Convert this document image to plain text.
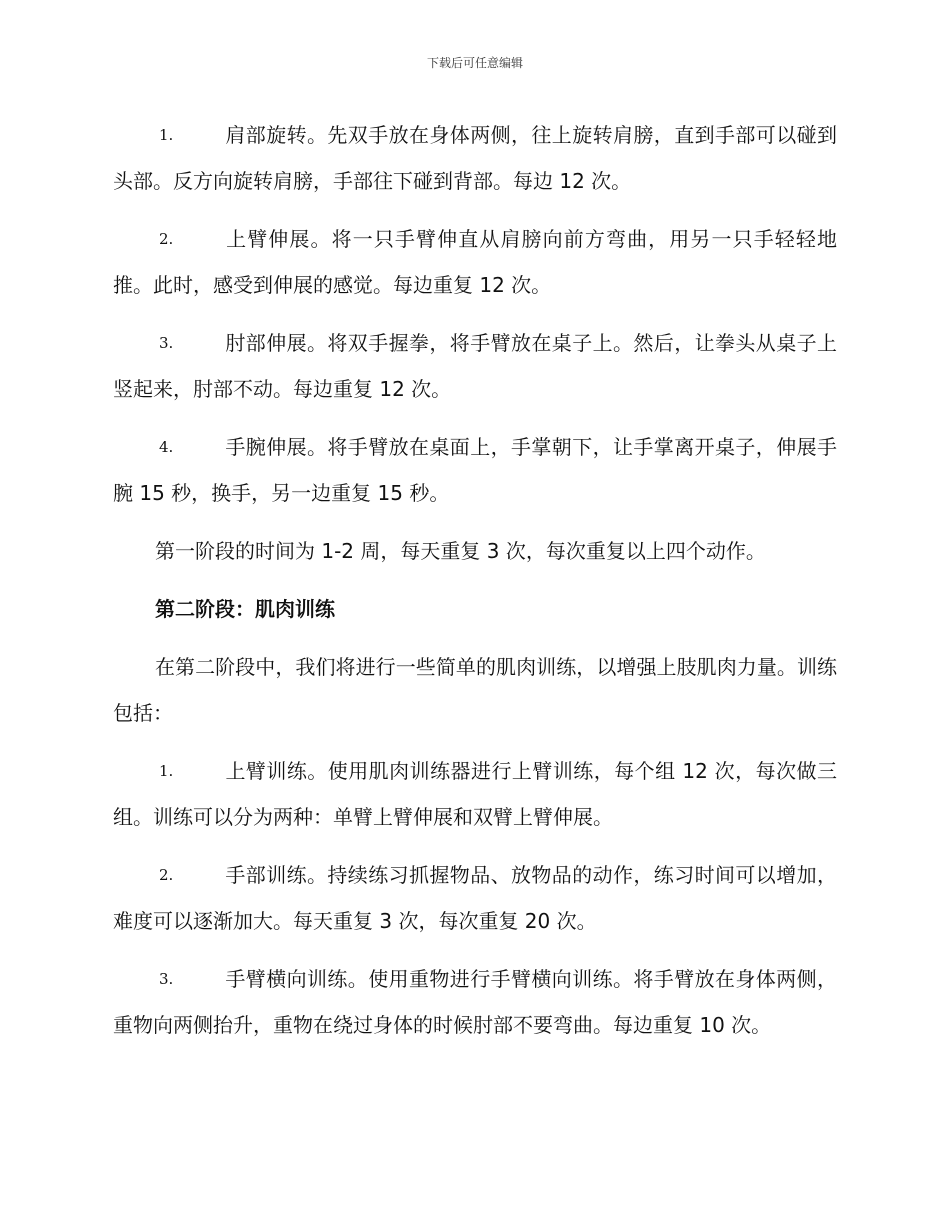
下载后可任意编辑

1.	肩部旋转。先双手放在身体两侧，往上旋转肩膀，直到手部可以碰到头部。反方向旋转肩膀，手部往下碰到背部。每边 12 次。

2.	上臂伸展。将一只手臂伸直从肩膀向前方弯曲，用另一只手轻轻地推。此时，感受到伸展的感觉。每边重复 12 次。

3.	肘部伸展。将双手握拳，将手臂放在桌子上。然后，让拳头从桌子上竖起来，肘部不动。每边重复 12 次。

4.	手腕伸展。将手臂放在桌面上，手掌朝下，让手掌离开桌子，伸展手腕 15 秒，换手，另一边重复 15 秒。

第一阶段的时间为 1-2 周，每天重复 3 次，每次重复以上四个动作。

第二阶段：肌肉训练

在第二阶段中，我们将进行一些简单的肌肉训练，以增强上肢肌肉力量。训练包括：

1.	上臂训练。使用肌肉训练器进行上臂训练，每个组 12 次，每次做三组。训练可以分为两种：单臂上臂伸展和双臂上臂伸展。

2.	手部训练。持续练习抓握物品、放物品的动作，练习时间可以增加，难度可以逐渐加大。每天重复 3 次，每次重复 20 次。

3.	手臂横向训练。使用重物进行手臂横向训练。将手臂放在身体两侧，重物向两侧抬升，重物在绕过身体的时候肘部不要弯曲。每边重复 10 次。
